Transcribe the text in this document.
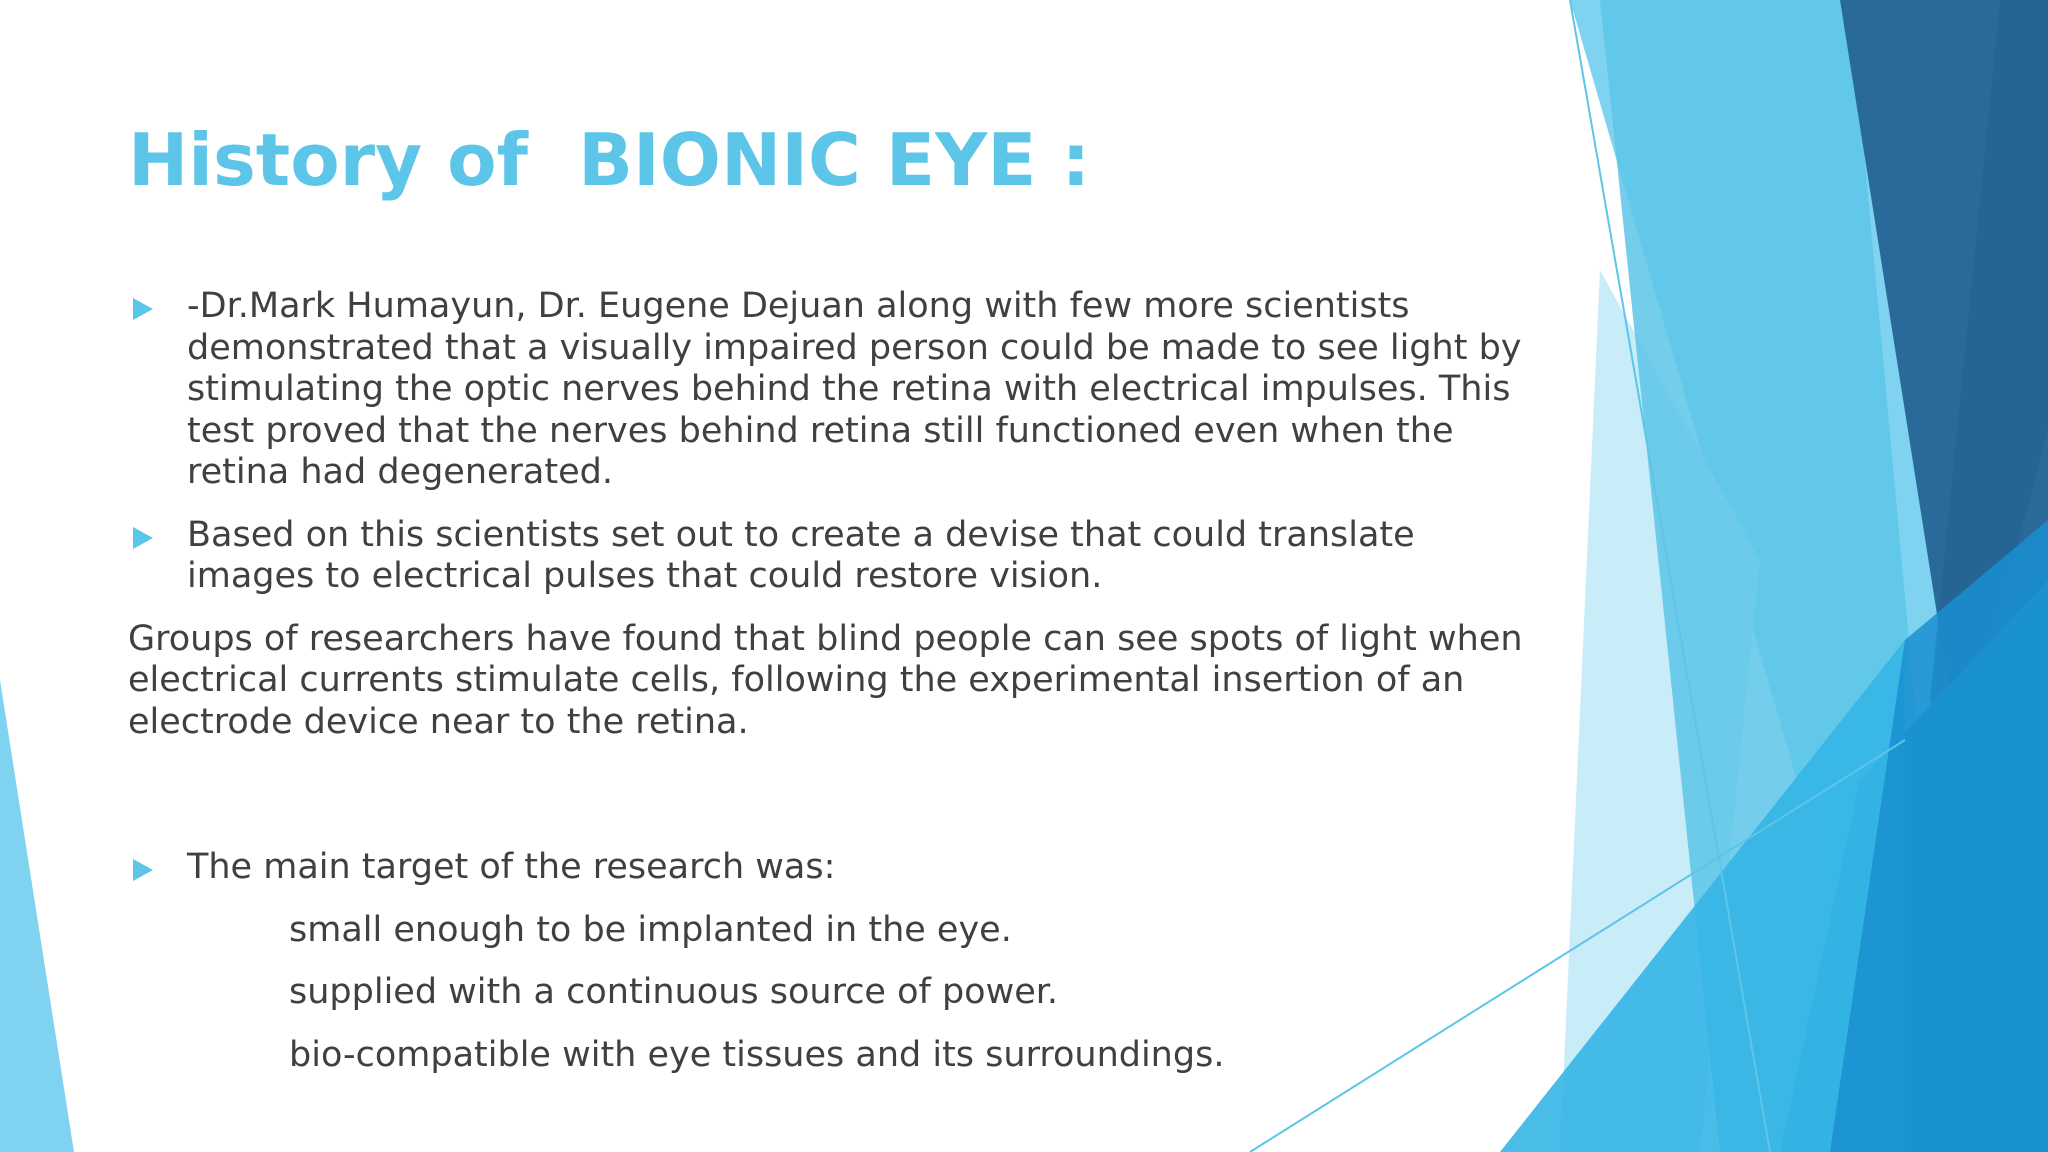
History of  BIONIC EYE :
-Dr.Mark Humayun, Dr. Eugene Dejuan along with few more scientists demonstrated that a visually impaired person could be made to see light by stimulating the optic nerves behind the retina with electrical impulses. This test proved that the nerves behind retina still functioned even when the retina had degenerated.
Based on this scientists set out to create a devise that could translate images to electrical pulses that could restore vision.
Groups of researchers have found that blind people can see spots of light when electrical currents stimulate cells, following the experimental insertion of an electrode device near to the retina.
The main target of the research was:
small enough to be implanted in the eye.
supplied with a continuous source of power.
bio-compatible with eye tissues and its surroundings.
